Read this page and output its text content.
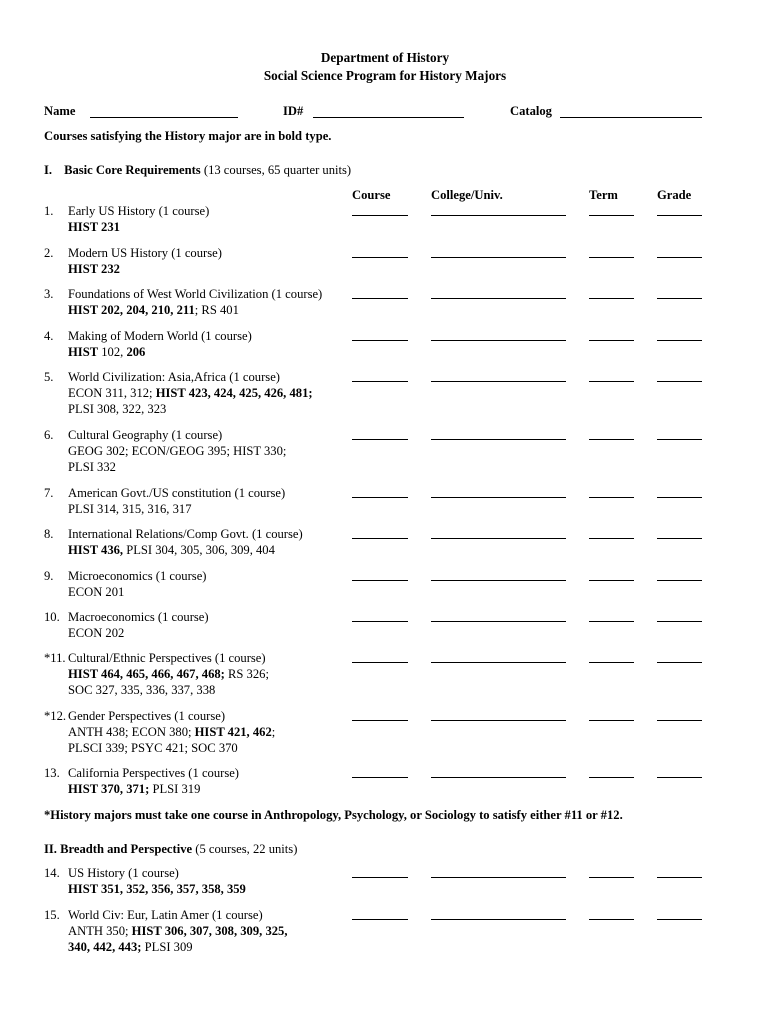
Department of History
Social Science Program for History Majors
Name	ID#	Catalog
Courses satisfying the History major are in bold type.
I. Basic Core Requirements (13 courses, 65 quarter units)
Course	College/Univ.	Term	Grade
1. Early US History (1 course)
HIST 231
2. Modern US History (1 course)
HIST 232
3. Foundations of West World Civilization (1 course)
HIST 202, 204, 210, 211; RS 401
4. Making of Modern World (1 course)
HIST 102, 206
5. World Civilization: Asia,Africa (1 course)
ECON 311, 312; HIST 423, 424, 425, 426, 481;
PLSI 308, 322, 323
6. Cultural Geography (1 course)
GEOG 302; ECON/GEOG 395; HIST 330;
PLSI 332
7. American Govt./US constitution (1 course)
PLSI 314, 315, 316, 317
8. International Relations/Comp Govt. (1 course)
HIST 436, PLSI 304, 305, 306, 309, 404
9. Microeconomics (1 course)
ECON 201
10. Macroeconomics (1 course)
ECON 202
*11. Cultural/Ethnic Perspectives (1 course)
HIST 464, 465, 466, 467, 468; RS 326;
SOC 327, 335, 336, 337, 338
*12. Gender Perspectives (1 course)
ANTH 438; ECON 380; HIST 421, 462;
PLSCI 339; PSYC 421; SOC 370
13. California Perspectives (1 course)
HIST 370, 371; PLSI 319
*History majors must take one course in Anthropology, Psychology, or Sociology to satisfy either #11 or #12.
II. Breadth and Perspective (5 courses, 22 units)
14. US History (1 course)
HIST 351, 352, 356, 357, 358, 359
15. World Civ: Eur, Latin Amer (1 course)
ANTH 350; HIST 306, 307, 308, 309, 325,
340, 442, 443; PLSI 309
